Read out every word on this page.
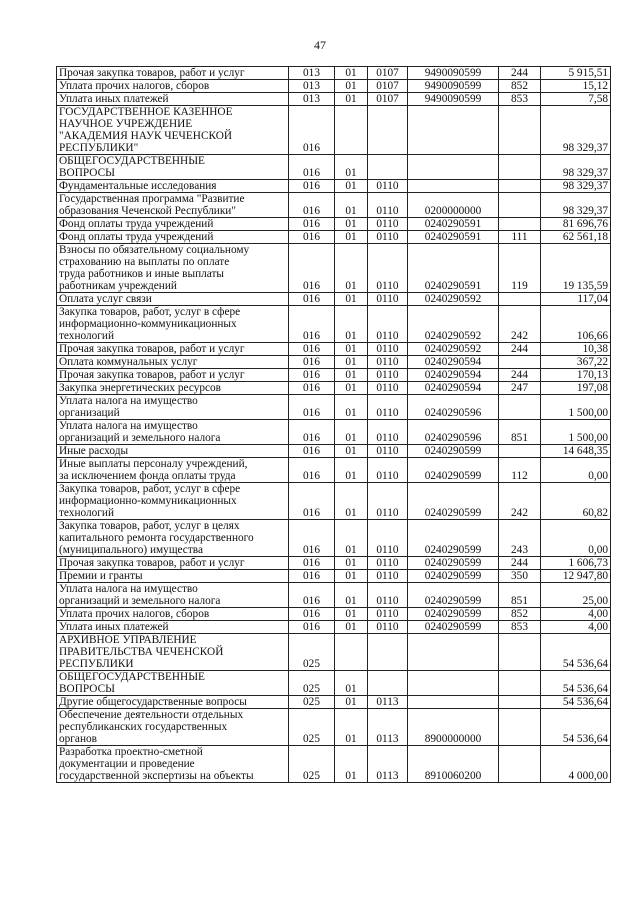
47
Прочая закупка товаров, работ и услуг	013	01	0107	9490090599	244	5 915,51
Уплата прочих налогов, сборов	013	01	0107	9490090599	852	15,12
Уплата иных платежей	013	01	0107	9490090599	853	7,58
ГОСУДАРСТВЕННОЕ КАЗЕННОЕ
НАУЧНОЕ УЧРЕЖДЕНИЕ
"АКАДЕМИЯ НАУК ЧЕЧЕНСКОЙ
РЕСПУБЛИКИ"	016					98 329,37
ОБЩЕГОСУДАРСТВЕННЫЕ
ВОПРОСЫ	016	01				98 329,37
Фундаментальные исследования	016	01	0110			98 329,37
Государственная программа "Развитие
образования Чеченской Республики"	016	01	0110	0200000000		98 329,37
Фонд оплаты труда учреждений	016	01	0110	0240290591		81 696,76
Фонд оплаты труда учреждений	016	01	0110	0240290591	111	62 561,18
Взносы по обязательному социальному
страхованию на выплаты по оплате
труда работников и иные выплаты
работникам учреждений	016	01	0110	0240290591	119	19 135,59
Оплата услуг связи	016	01	0110	0240290592		117,04
Закупка товаров, работ, услуг в сфере
информационно-коммуникационных
технологий	016	01	0110	0240290592	242	106,66
Прочая закупка товаров, работ и услуг	016	01	0110	0240290592	244	10,38
Оплата коммунальных услуг	016	01	0110	0240290594		367,22
Прочая закупка товаров, работ и услуг	016	01	0110	0240290594	244	170,13
Закупка энергетических ресурсов	016	01	0110	0240290594	247	197,08
Уплата налога на имущество
организаций	016	01	0110	0240290596		1 500,00
Уплата налога на имущество
организаций и земельного налога	016	01	0110	0240290596	851	1 500,00
Иные расходы	016	01	0110	0240290599		14 648,35
Иные выплаты персоналу учреждений,
за исключением фонда оплаты труда	016	01	0110	0240290599	112	0,00
Закупка товаров, работ, услуг в сфере
информационно-коммуникационных
технологий	016	01	0110	0240290599	242	60,82
Закупка товаров, работ, услуг в целях
капитального ремонта государственного
(муниципального) имущества	016	01	0110	0240290599	243	0,00
Прочая закупка товаров, работ и услуг	016	01	0110	0240290599	244	1 606,73
Премии и гранты	016	01	0110	0240290599	350	12 947,80
Уплата налога на имущество
организаций и земельного налога	016	01	0110	0240290599	851	25,00
Уплата прочих налогов, сборов	016	01	0110	0240290599	852	4,00
Уплата иных платежей	016	01	0110	0240290599	853	4,00
АРХИВНОЕ УПРАВЛЕНИЕ
ПРАВИТЕЛЬСТВА ЧЕЧЕНСКОЙ
РЕСПУБЛИКИ	025					54 536,64
ОБЩЕГОСУДАРСТВЕННЫЕ
ВОПРОСЫ	025	01				54 536,64
Другие общегосударственные вопросы	025	01	0113			54 536,64
Обеспечение деятельности отдельных
республиканских государственных
органов	025	01	0113	8900000000		54 536,64
Разработка проектно-сметной
документации и проведение
государственной экспертизы на объекты	025	01	0113	8910060200		4 000,00
